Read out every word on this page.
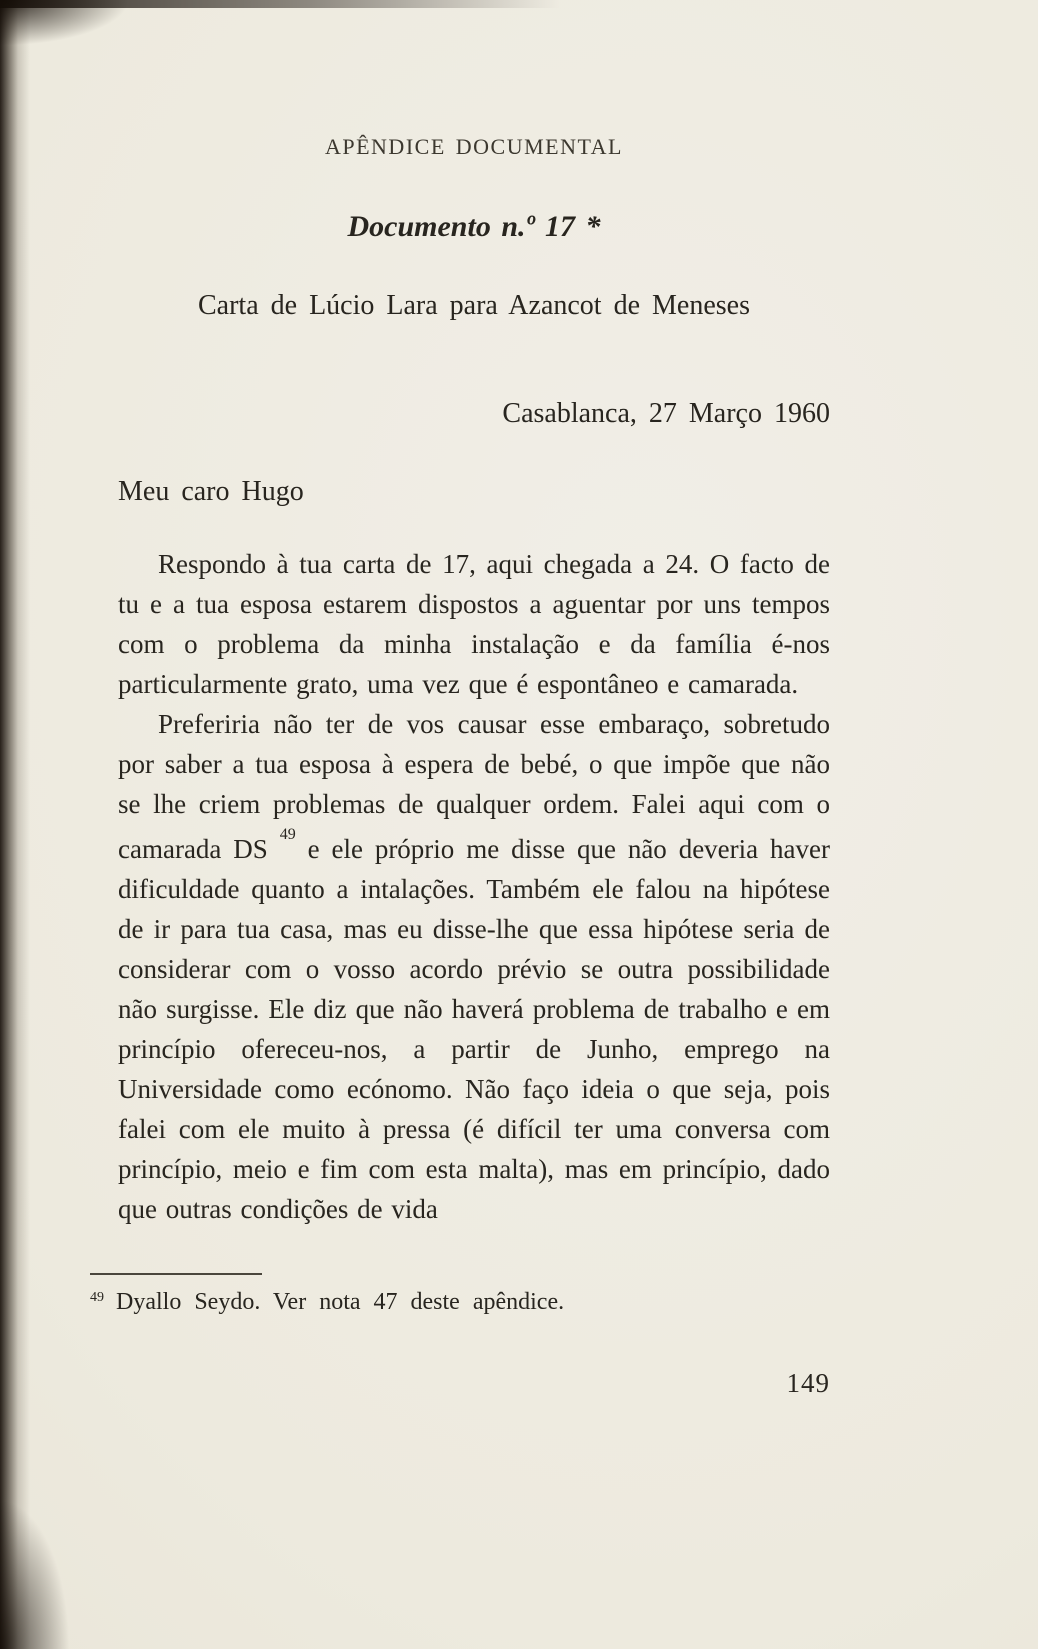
APÊNDICE DOCUMENTAL
Documento n.º 17 *
Carta de Lúcio Lara para Azancot de Meneses
Casablanca, 27 Março 1960
Meu caro Hugo

Respondo à tua carta de 17, aqui chegada a 24. O facto de tu e a tua esposa estarem dispostos a aguentar por uns tempos com o problema da minha instalação e da família é-nos particularmente grato, uma vez que é espontâneo e camarada.

Preferiria não ter de vos causar esse embaraço, sobretudo por saber a tua esposa à espera de bebé, o que impõe que não se lhe criem problemas de qualquer ordem. Falei aqui com o camarada DS $^{49}$ e ele próprio me disse que não deveria haver dificuldade quanto a intalações. Também ele falou na hipótese de ir para tua casa, mas eu disse-lhe que essa hipótese seria de considerar com o vosso acordo prévio se outra possibilidade não surgisse. Ele diz que não haverá problema de trabalho e em princípio ofereceu-nos, a partir de Junho, emprego na Universidade como ecónomo. Não faço ideia o que seja, pois falei com ele muito à pressa (é difícil ter uma conversa com princípio, meio e fim com esta malta), mas em princípio, dado que outras condições de vida

$^{49}$ Dyallo Seydo. Ver nota 47 deste apêndice.
149
